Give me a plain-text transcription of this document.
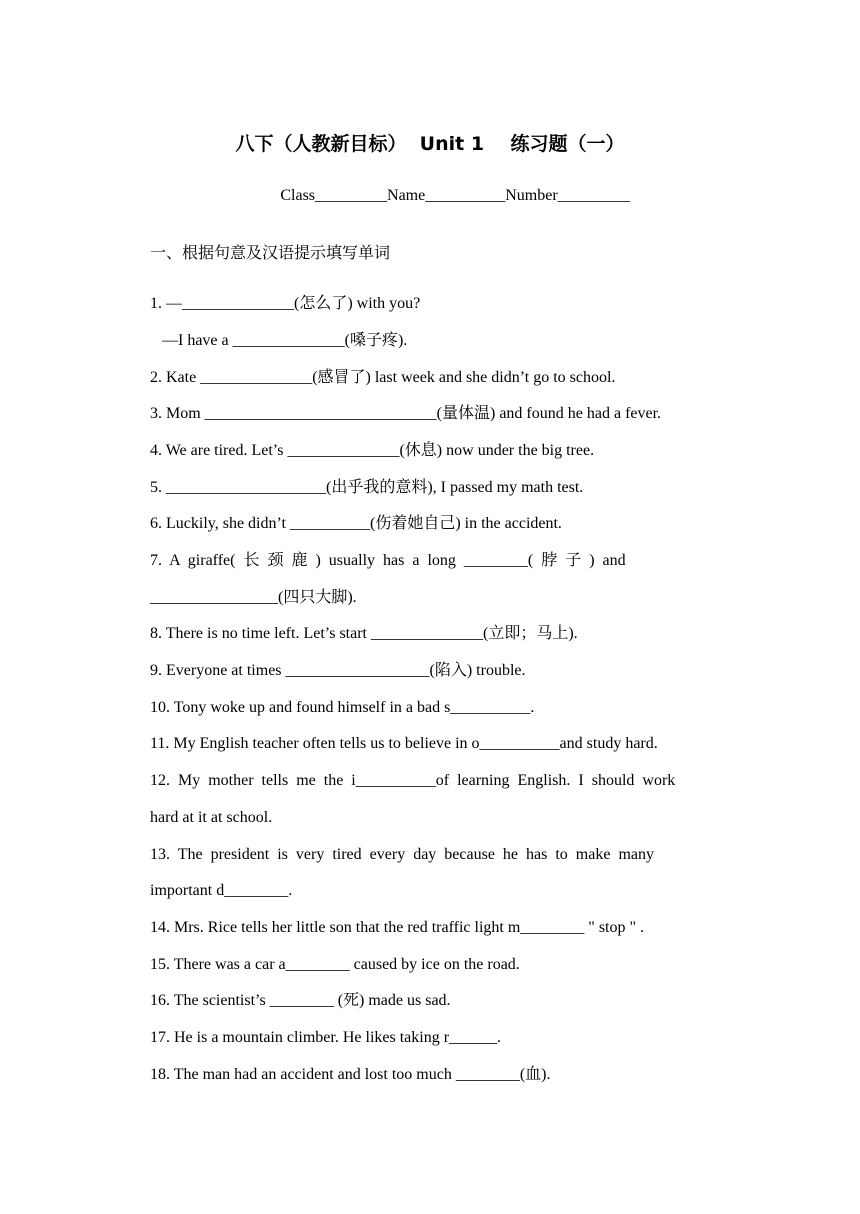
八下（人教新目标）  Unit 1    练习题（一）
Class_________Name__________Number_________
一、根据句意及汉语提示填写单词
1. —______________(怎么了) with you?
—I have a ______________(嗓子疼).
2. Kate ______________(感冒了) last week and she didn’t go to school.
3. Mom _____________________________(量体温) and found he had a fever.
4. We are tired. Let’s ______________(休息) now under the big tree.
5. ____________________(出乎我的意料), I passed my math test.
6. Luckily, she didn’t __________(伤着她自己) in the accident.
7.  A  giraffe(  长  颈  鹿  )  usually  has  a  long  ________(  脖  子  )  and
________________(四只大脚).
8. There is no time left. Let’s start ______________(立即；马上).
9. Everyone at times __________________(陷入) trouble.
10. Tony woke up and found himself in a bad s__________.
11. My English teacher often tells us to believe in o__________and study hard.
12.  My  mother  tells  me  the  i__________of  learning  English.  I  should  work
hard at it at school.
13.  The  president  is  very  tired  every  day  because  he  has  to  make  many
important d________.
14. Mrs. Rice tells her little son that the red traffic light m________ " stop " .
15. There was a car a________ caused by ice on the road.
16. The scientist’s ________ (死) made us sad.
17. He is a mountain climber. He likes taking r______.
18. The man had an accident and lost too much ________(血).
